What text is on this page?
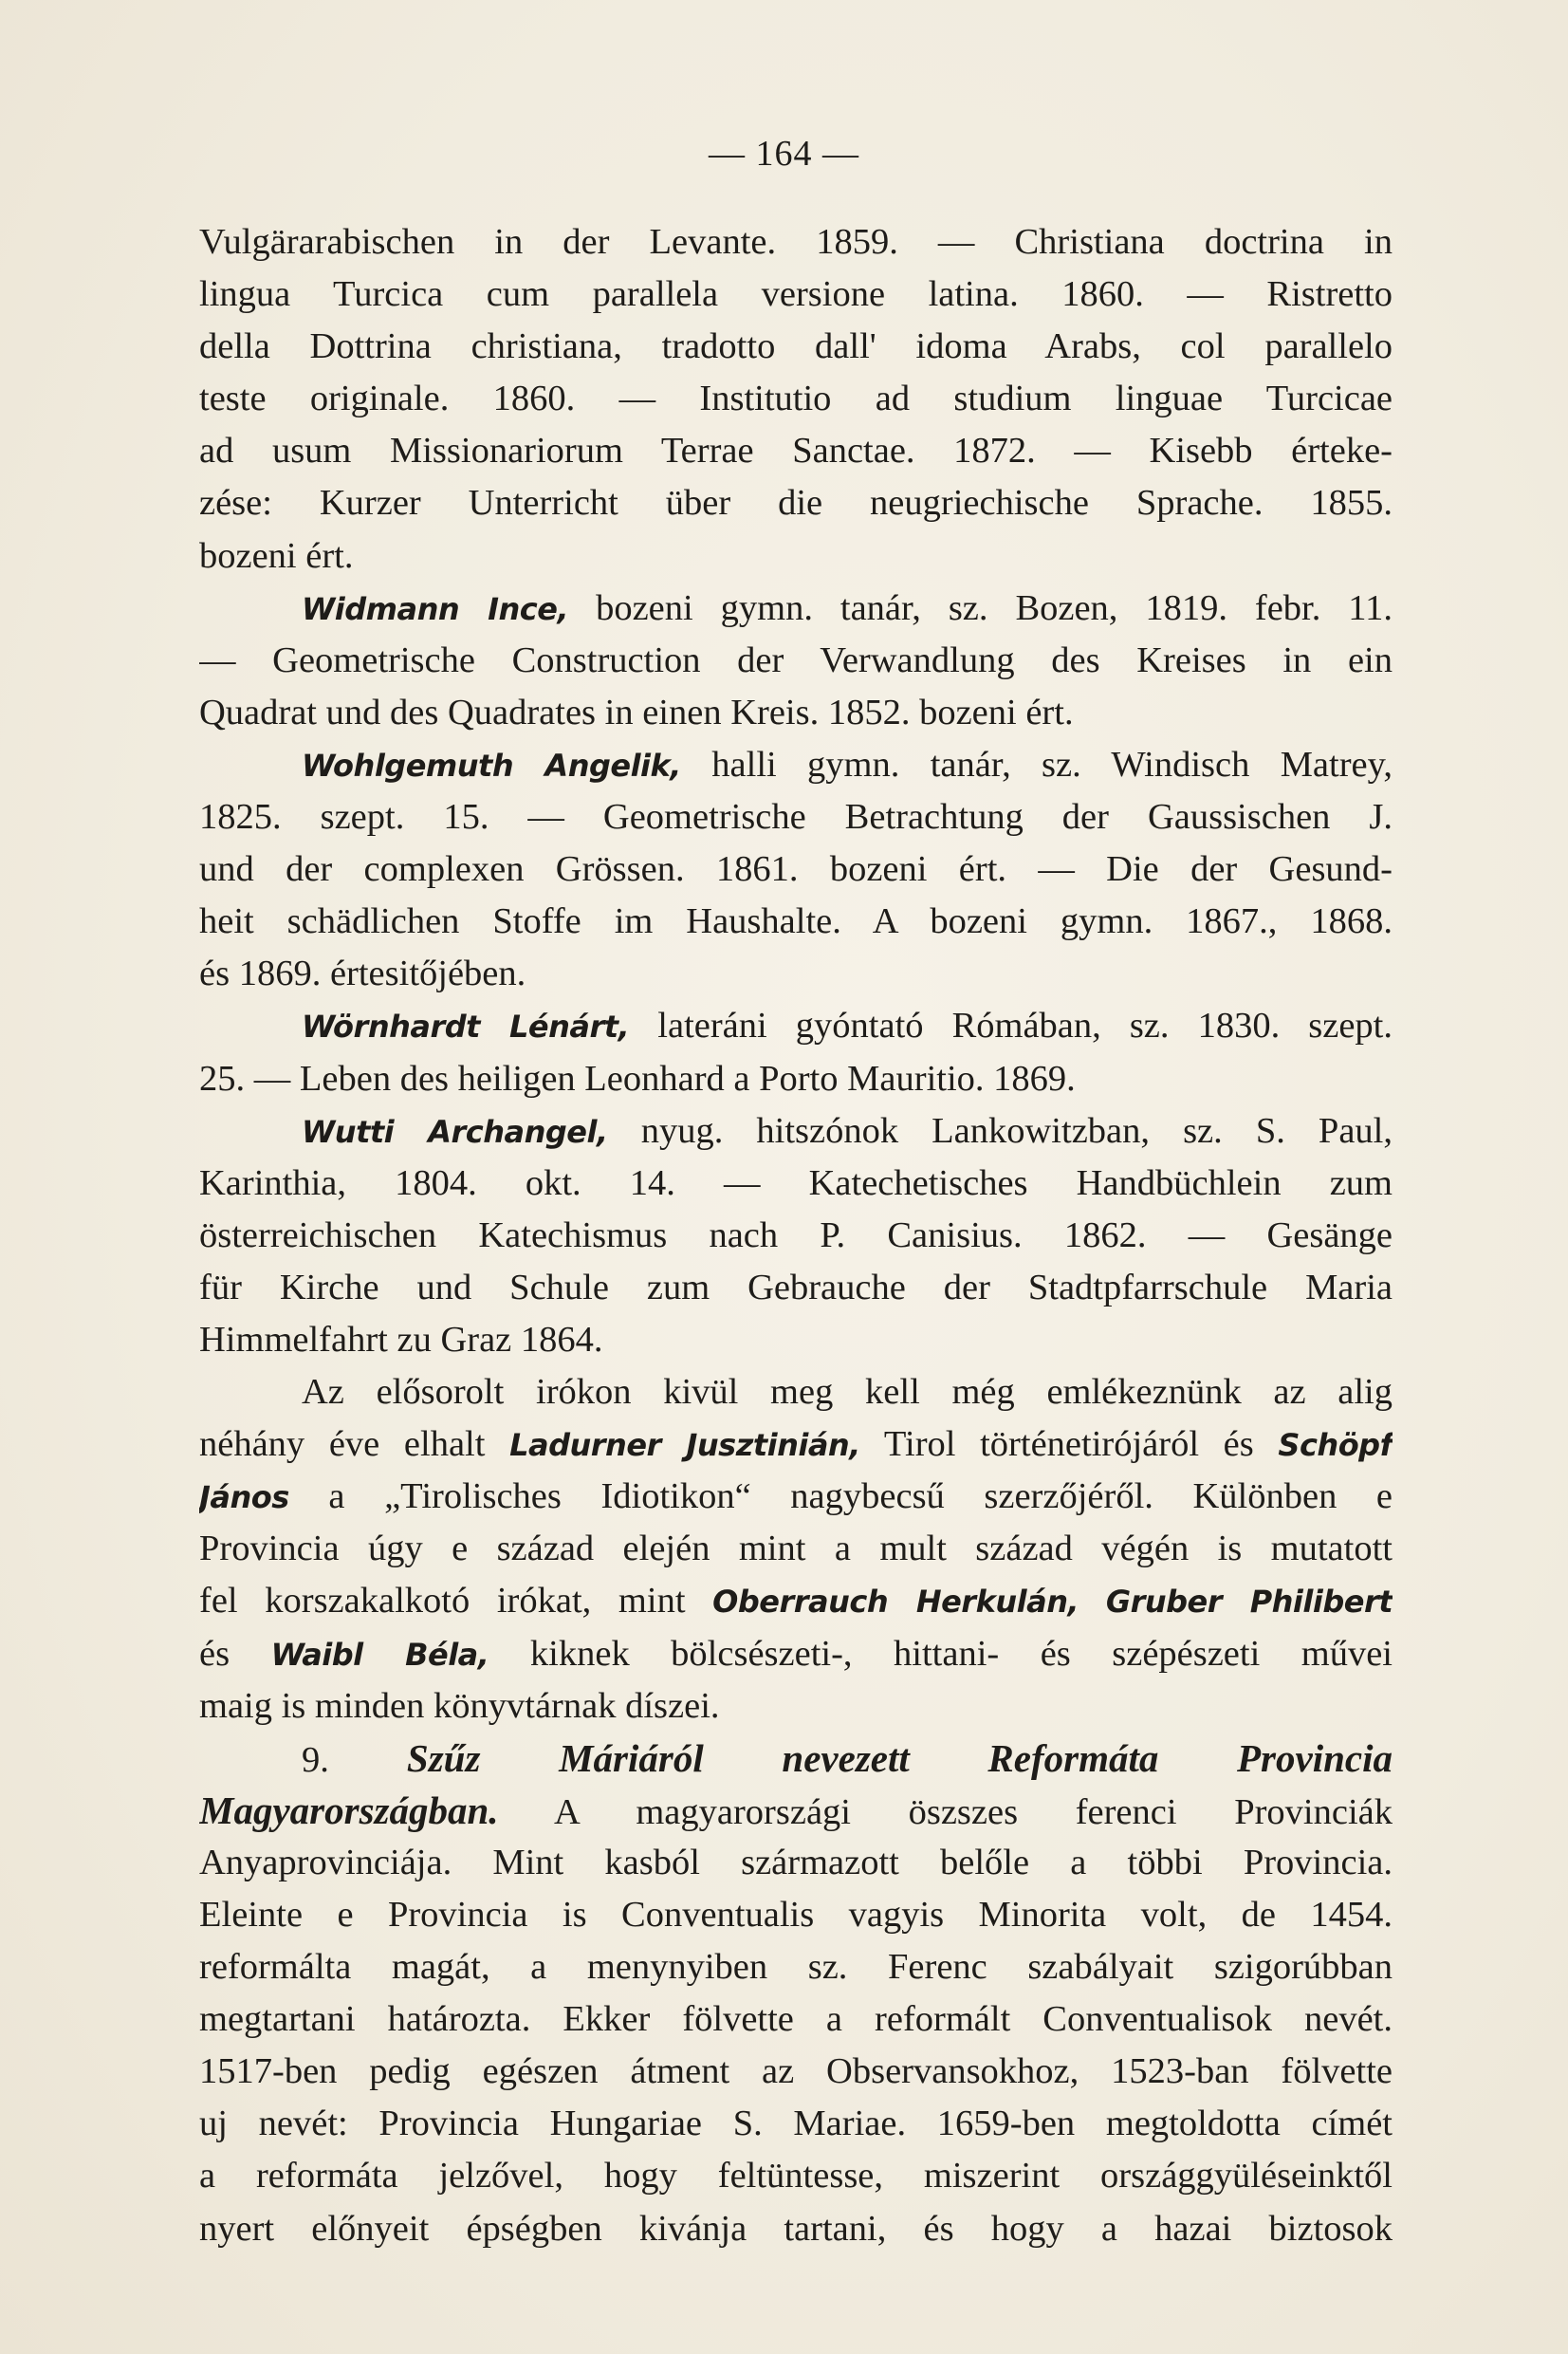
— 164 —
Vulgärarabischen in der Levante. 1859. — Christiana doctrina in
lingua Turcica cum parallela versione latina. 1860. — Ristretto
della Dottrina christiana, tradotto dall' idoma Arabs, col parallelo
teste originale. 1860. — Institutio ad studium linguae Turcicae
ad usum Missionariorum Terrae Sanctae. 1872. — Kisebb érteke-
zése: Kurzer Unterricht über die neugriechische Sprache. 1855.
bozeni ért.
Widmann Ince, bozeni gymn. tanár, sz. Bozen, 1819. febr. 11.
— Geometrische Construction der Verwandlung des Kreises in ein
Quadrat und des Quadrates in einen Kreis. 1852. bozeni ért.
Wohlgemuth Angelik, halli gymn. tanár, sz. Windisch Matrey,
1825. szept. 15. — Geometrische Betrachtung der Gaussischen J.
und der complexen Grössen. 1861. bozeni ért. — Die der Gesund-
heit schädlichen Stoffe im Haushalte. A bozeni gymn. 1867., 1868.
és 1869. értesitőjében.
Wörnhardt Lénárt, lateráni gyóntató Rómában, sz. 1830. szept.
25. — Leben des heiligen Leonhard a Porto Mauritio. 1869.
Wutti Archangel, nyug. hitszónok Lankowitzban, sz. S. Paul,
Karinthia, 1804. okt. 14. — Katechetisches Handbüchlein zum
österreichischen Katechismus nach P. Canisius. 1862. — Gesänge
für Kirche und Schule zum Gebrauche der Stadtpfarrschule Maria
Himmelfahrt zu Graz 1864.
Az elősorolt irókon kivül meg kell még emlékeznünk az alig
néhány éve elhalt Ladurner Jusztinián, Tirol történetirójáról és Schöpf
János a „Tirolisches Idiotikon“ nagybecsű szerzőjéről. Különben e
Provincia úgy e század elején mint a mult század végén is mutatott
fel korszakalkotó irókat, mint Oberrauch Herkulán, Gruber Philibert
és Waibl Béla, kiknek bölcsészeti-, hittani- és szépészeti művei
maig is minden könyvtárnak díszei.
9. Szűz Máriáról nevezett Reformáta Provincia
Magyarországban. A magyarországi öszszes ferenci Provinciák
Anyaprovinciája. Mint kasból származott belőle a többi Provincia.
Eleinte e Provincia is Conventualis vagyis Minorita volt, de 1454.
reformálta magát, a menynyiben sz. Ferenc szabályait szigorúbban
megtartani határozta. Ekker fölvette a reformált Conventualisok nevét.
1517-ben pedig egészen átment az Observansokhoz, 1523-ban fölvette
uj nevét: Provincia Hungariae S. Mariae. 1659-ben megtoldotta címét
a reformáta jelzővel, hogy feltüntesse, miszerint országgyüléseinktől
nyert előnyeit épségben kivánja tartani, és hogy a hazai biztosok
